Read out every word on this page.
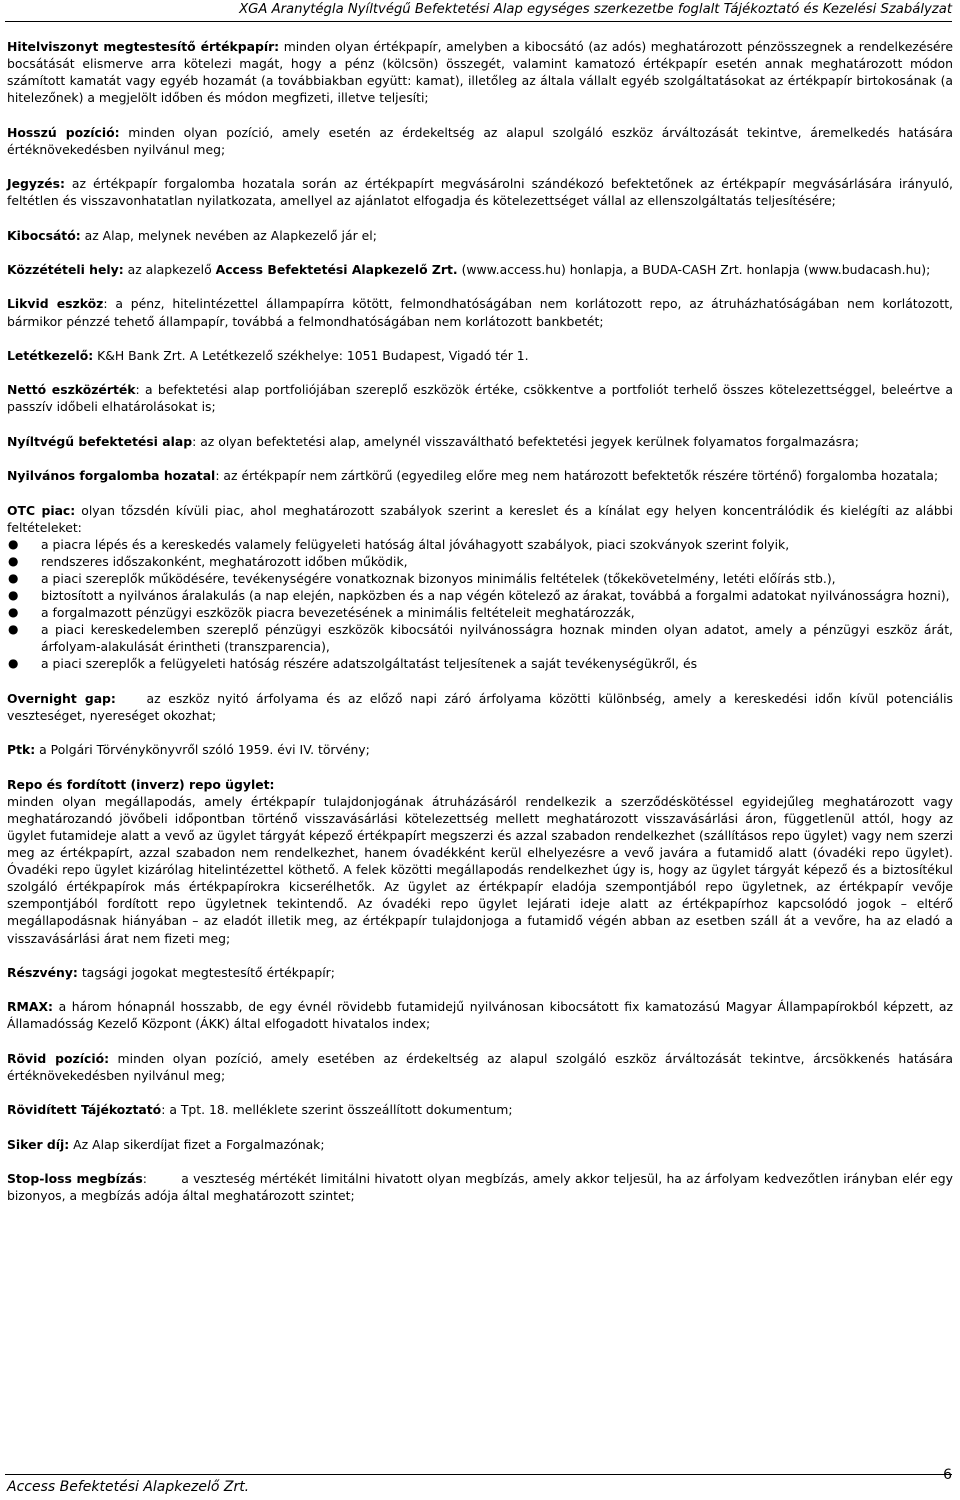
XGA Aranytégla Nyíltvégű Befektetési Alap egységes szerkezetbe foglalt Tájékoztató és Kezelési Szabályzat

Hitelviszonyt megtestesítő értékpapír: minden olyan értékpapír, amelyben a kibocsátó (az adós) meghatározott pénzösszegnek a rendelkezésére bocsátását elismerve arra kötelezi magát, hogy a pénz (kölcsön) összegét, valamint kamatozó értékpapír esetén annak meghatározott módon számított kamatát vagy egyéb hozamát (a továbbiakban együtt: kamat), illetőleg az általa vállalt egyéb szolgáltatásokat az értékpapír birtokosának (a hitelezőnek) a megjelölt időben és módon megfizeti, illetve teljesíti;

Hosszú pozíció: minden olyan pozíció, amely esetén az érdekeltség az alapul szolgáló eszköz árváltozását tekintve, áremelkedés hatására értéknövekedésben nyilvánul meg;

Jegyzés: az értékpapír forgalomba hozatala során az értékpapírt megvásárolni szándékozó befektetőnek az értékpapír megvásárlására irányuló, feltétlen és visszavonhatatlan nyilatkozata, amellyel az ajánlatot elfogadja és kötelezettséget vállal az ellenszolgáltatás teljesítésére;

Kibocsátó: az Alap, melynek nevében az Alapkezelő jár el;

Közzétételi hely: az alapkezelő Access Befektetési Alapkezelő Zrt. (www.access.hu) honlapja, a BUDA-CASH Zrt. honlapja (www.budacash.hu);

Likvid eszköz: a pénz, hitelintézettel állampapírra kötött, felmondhatóságában nem korlátozott repo, az átruházhatóságában nem korlátozott, bármikor pénzzé tehető állampapír, továbbá a felmondhatóságában nem korlátozott bankbetét;

Letétkezelő: K&H Bank Zrt. A Letétkezelő székhelye: 1051 Budapest, Vigadó tér 1.

Nettó eszközérték: a befektetési alap portfoliójában szereplő eszközök értéke, csökkentve a portfoliót terhelő összes kötelezettséggel, beleértve a passzív időbeli elhatárolásokat is;

Nyíltvégű befektetési alap: az olyan befektetési alap, amelynél visszaváltható befektetési jegyek kerülnek folyamatos forgalmazásra;

Nyilvános forgalomba hozatal: az értékpapír nem zártkörű (egyedileg előre meg nem határozott befektetők részére történő) forgalomba hozatala;

OTC piac: olyan tőzsdén kívüli piac, ahol meghatározott szabályok szerint a kereslet és a kínálat egy helyen koncentrálódik és kielégíti az alábbi feltételeket:

● a piacra lépés és a kereskedés valamely felügyeleti hatóság által jóváhagyott szabályok, piaci szokványok szerint folyik,
● rendszeres időszakonként, meghatározott időben működik,
● a piaci szereplők működésére, tevékenységére vonatkoznak bizonyos minimális feltételek (tőkekövetelmény, letéti előírás stb.),
● biztosított a nyilvános áralakulás (a nap elején, napközben és a nap végén kötelező az árakat, továbbá a forgalmi adatokat nyilvánosságra hozni),
● a forgalmazott pénzügyi eszközök piacra bevezetésének a minimális feltételeit meghatározzák,
● a piaci kereskedelemben szereplő pénzügyi eszközök kibocsátói nyilvánosságra hoznak minden olyan adatot, amely a pénzügyi eszköz árát, árfolyam-alakulását érintheti (transzparencia),
● a piaci szereplők a felügyeleti hatóság részére adatszolgáltatást teljesítenek a saját tevékenységükről, és

Overnight gap:    az eszköz nyitó árfolyama és az előző napi záró árfolyama közötti különbség, amely a kereskedési időn kívül potenciális veszteséget, nyereséget okozhat;

Ptk: a Polgári Törvénykönyvről szóló 1959. évi IV. törvény;

Repo és fordított (inverz) repo ügylet:
minden olyan megállapodás, amely értékpapír tulajdonjogának átruházásáról rendelkezik a szerződéskötéssel egyidejűleg meghatározott vagy meghatározandó jövőbeli időpontban történő visszavásárlási kötelezettség mellett meghatározott visszavásárlási áron, függetlenül attól, hogy az ügylet futamideje alatt a vevő az ügylet tárgyát képező értékpapírt megszerzi és azzal szabadon rendelkezhet (szállításos repo ügylet) vagy nem szerzi meg az értékpapírt, azzal szabadon nem rendelkezhet, hanem óvadékként kerül elhelyezésre a vevő javára a futamidő alatt (óvadéki repo ügylet). Óvadéki repo ügylet kizárólag hitelintézettel köthető. A felek közötti megállapodás rendelkezhet úgy is, hogy az ügylet tárgyát képező és a biztosítékul szolgáló értékpapírok más értékpapírokra kicserélhetők. Az ügylet az értékpapír eladója szempontjából repo ügyletnek, az értékpapír vevője szempontjából fordított repo ügyletnek tekintendő. Az óvadéki repo ügylet lejárati ideje alatt az értékpapírhoz kapcsolódó jogok – eltérő megállapodásnak hiányában – az eladót illetik meg, az értékpapír tulajdonjoga a futamidő végén abban az esetben száll át a vevőre, ha az eladó a visszavásárlási árat nem fizeti meg;

Részvény: tagsági jogokat megtestesítő értékpapír;

RMAX: a három hónapnál hosszabb, de egy évnél rövidebb futamidejű nyilvánosan kibocsátott fix kamatozású Magyar Állampapírokból képzett, az Államadósság Kezelő Központ (ÁKK) által elfogadott hivatalos index;

Rövid pozíció: minden olyan pozíció, amely esetében az érdekeltség az alapul szolgáló eszköz árváltozását tekintve, árcsökkenés hatására értéknövekedésben nyilvánul meg;

Rövidített Tájékoztató: a Tpt. 18. melléklete szerint összeállított dokumentum;

Siker díj: Az Alap sikerdíjat fizet a Forgalmazónak;

Stop-loss megbízás:        a veszteség mértékét limitálni hivatott olyan megbízás, amely akkor teljesül, ha az árfolyam kedvezőtlen irányban elér egy bizonyos, a megbízás adója által meghatározott szintet;

Access Befektetési Alapkezelő Zrt.
6
